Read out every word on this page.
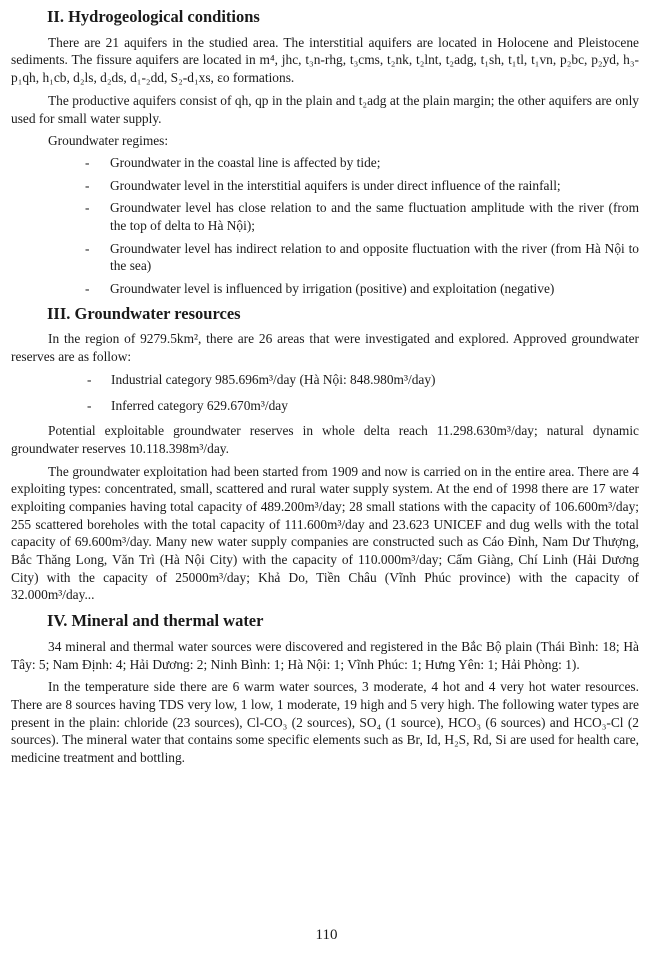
II. Hydrogeological conditions

There are 21 aquifers in the studied area. The interstitial aquifers are located in Holocene and Pleistocene sediments. The fissure aquifers are located in m⁴, jhc, t₃n-rhg, t₃cms, t₂nk, t₂lnt, t₂adg, t₁sh, t₁tl, t₁vn, p₂bc, p₂yd, h₃-p₁qh, h₁cb, d₂ls, d₂ds, d₁-₂dd, S₂-d₁xs, εo formations.

The productive aquifers consist of qh, qp in the plain and t₂adg at the plain margin; the other aquifers are only used for small water supply.

Groundwater regimes:

- Groundwater in the coastal line is affected by tide;
- Groundwater level in the interstitial aquifers is under direct influence of the rainfall;
- Groundwater level has close relation to and the same fluctuation amplitude with the river (from the top of delta to Hà Nội);
- Groundwater level has indirect relation to and opposite fluctuation with the river (from Hà Nội to the sea)
- Groundwater level is influenced by irrigation (positive) and exploitation (negative)
III. Groundwater resources

In the region of 9279.5km², there are 26 areas that were investigated and explored. Approved groundwater reserves are as follow:

- Industrial category 985.696m³/day (Hà Nội: 848.980m³/day)
- Inferred category 629.670m³/day

Potential exploitable groundwater reserves in whole delta reach 11.298.630m³/day; natural dynamic groundwater reserves 10.118.398m³/day.

The groundwater exploitation had been started from 1909 and now is carried on in the entire area. There are 4 exploiting types: concentrated, small, scattered and rural water supply system. At the end of 1998 there are 17 water exploiting companies having total capacity of 489.200m³/day; 28 small stations with the capacity of 106.600m³/day; 255 scattered boreholes with the total capacity of 111.600m³/day and 23.623 UNICEF and dug wells with the total capacity of 69.600m³/day. Many new water supply companies are constructed such as Cáo Đỉnh, Nam Dư Thượng, Bắc Thăng Long, Văn Trì (Hà Nội City) with the capacity of 110.000m³/day; Cẩm Giàng, Chí Linh (Hải Dương City) with the capacity of 25000m³/day; Khả Do, Tiền Châu (Vĩnh Phúc province) with the capacity of 32.000m³/day...

IV. Mineral and thermal water

34 mineral and thermal water sources were discovered and registered in the Bắc Bộ plain (Thái Bình: 18; Hà Tây: 5; Nam Định: 4; Hải Dương: 2; Ninh Bình: 1; Hà Nội: 1; Vĩnh Phúc: 1; Hưng Yên: 1; Hải Phòng: 1).

In the temperature side there are 6 warm water sources, 3 moderate, 4 hot and 4 very hot water resources. There are 8 sources having TDS very low, 1 low, 1 moderate, 19 high and 5 very high. The following water types are present in the plain: chloride (23 sources), Cl-CO₃ (2 sources), SO₄ (1 source), HCO₃ (6 sources) and HCO₃-Cl (2 sources). The mineral water that contains some specific elements such as Br, Id, H₂S, Rd, Si are used for health care, medicine treatment and bottling.

110
